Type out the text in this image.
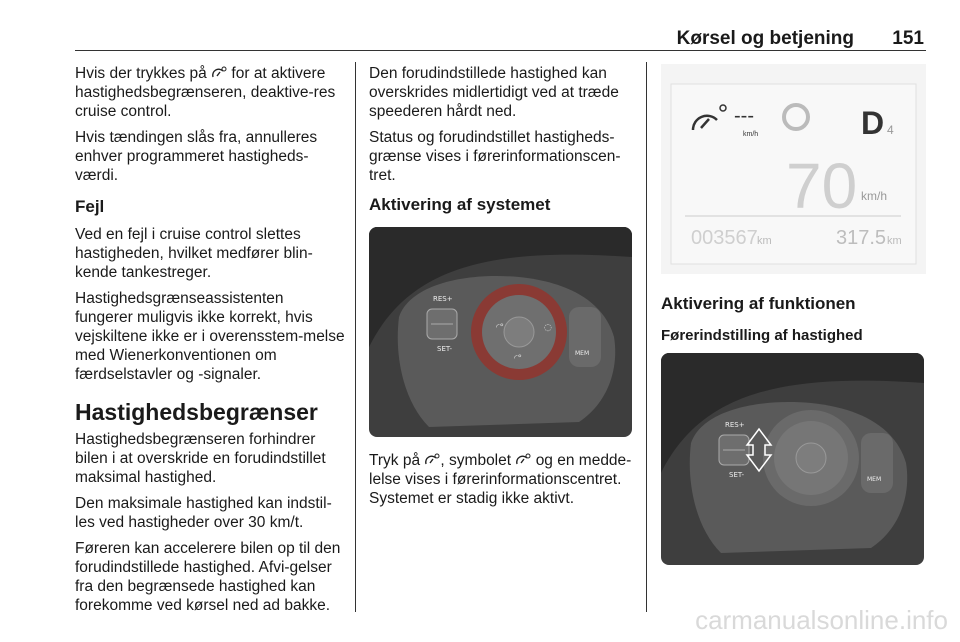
Kørsel og betjening 151

Hvis der trykkes på for at aktivere hastighedsbegrænseren, deaktive-res cruise control.

Hvis tændingen slås fra, annulleres enhver programmeret hastigheds-værdi.

Fejl

Ved en fejl i cruise control slettes hastigheden, hvilket medfører blin-kende tankestreger.

Hastighedsgrænseassistenten fungerer muligvis ikke korrekt, hvis vejskiltene ikke er i overensstem-melse med Wienerkonventionen om færdselstavler og -signaler.

Hastighedsbegrænser

Hastighedsbegrænseren forhindrer bilen i at overskride en forudindstillet maksimal hastighed.

Den maksimale hastighed kan indstil-les ved hastigheder over 30 km/t.

Føreren kan accelerere bilen op til den forudindstillede hastighed. Afvi-gelser fra den begrænsede hastighed kan forekomme ved kørsel ned ad bakke.

Den forudindstillede hastighed kan overskrides midlertidigt ved at træde speederen hårdt ned.

Status og forudindstillet hastigheds-grænse vises i førerinformationscen-tret.

Aktivering af systemet
◜°
◜°
◌
RES+
SET-
MEM

Tryk på , symbolet og en medde-lelse vises i førerinformationscentret. Systemet er stadig ikke aktivt.

---
km/h	D 4
70 km/h
003567 km	317.5 km
Aktivering af funktionen
Førerindstilling af hastighed
RES+
SET-
MEM
carmanualsonline.info
